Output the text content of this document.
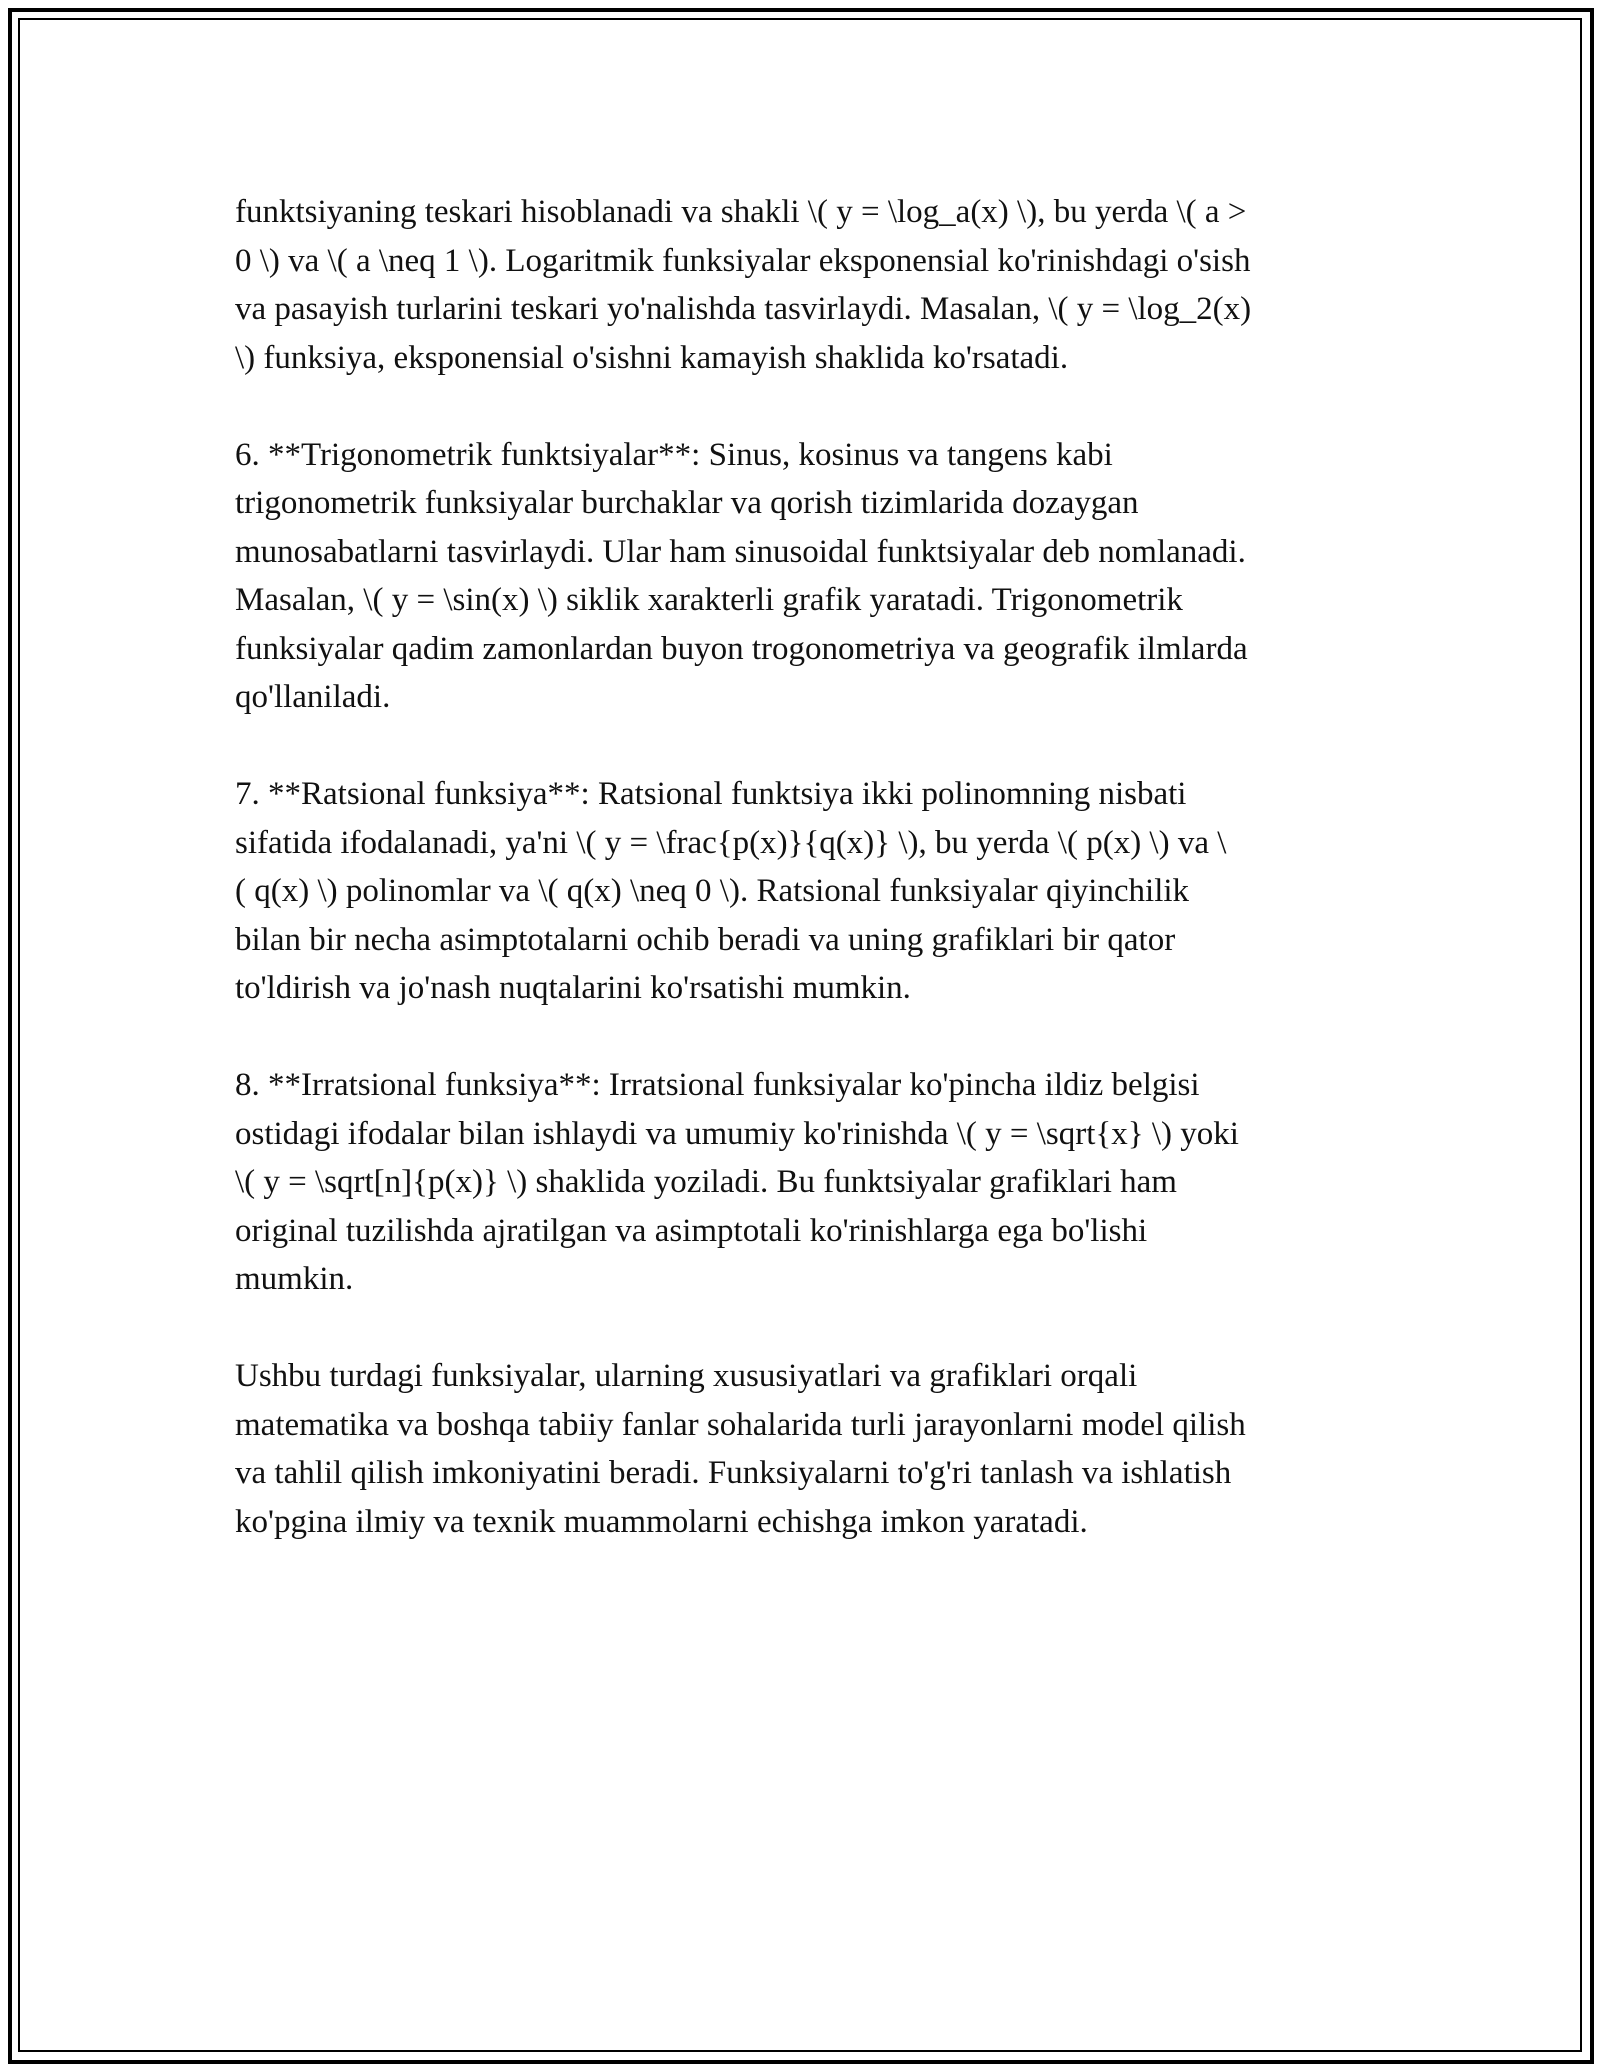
funktsiyaning teskari hisoblanadi va shakli \( y = \log_a(x) \), bu yerda \( a >
0 \) va \( a \neq 1 \). Logaritmik funksiyalar eksponensial ko'rinishdagi o'sish
va pasayish turlarini teskari yo'nalishda tasvirlaydi. Masalan, \( y = \log_2(x)
\) funksiya, eksponensial o'sishni kamayish shaklida ko'rsatadi.

6. **Trigonometrik funktsiyalar**: Sinus, kosinus va tangens kabi
trigonometrik funksiyalar burchaklar va qorish tizimlarida dozaygan
munosabatlarni tasvirlaydi. Ular ham sinusoidal funktsiyalar deb nomlanadi.
Masalan, \( y = \sin(x) \) siklik xarakterli grafik yaratadi. Trigonometrik
funksiyalar qadim zamonlardan buyon trogonometriya va geografik ilmlarda
qo'llaniladi.

7. **Ratsional funksiya**: Ratsional funktsiya ikki polinomning nisbati
sifatida ifodalanadi, ya'ni \( y = \frac{p(x)}{q(x)} \), bu yerda \( p(x) \) va \
( q(x) \) polinomlar va \( q(x) \neq 0 \). Ratsional funksiyalar qiyinchilik
bilan bir necha asimptotalarni ochib beradi va uning grafiklari bir qator
to'ldirish va jo'nash nuqtalarini ko'rsatishi mumkin.

8. **Irratsional funksiya**: Irratsional funksiyalar ko'pincha ildiz belgisi
ostidagi ifodalar bilan ishlaydi va umumiy ko'rinishda \( y = \sqrt{x} \) yoki
\( y = \sqrt[n]{p(x)} \) shaklida yoziladi. Bu funktsiyalar grafiklari ham
original tuzilishda ajratilgan va asimptotali ko'rinishlarga ega bo'lishi
mumkin.

Ushbu turdagi funksiyalar, ularning xususiyatlari va grafiklari orqali
matematika va boshqa tabiiy fanlar sohalarida turli jarayonlarni model qilish
va tahlil qilish imkoniyatini beradi. Funksiyalarni to'g'ri tanlash va ishlatish
ko'pgina ilmiy va texnik muammolarni echishga imkon yaratadi.
